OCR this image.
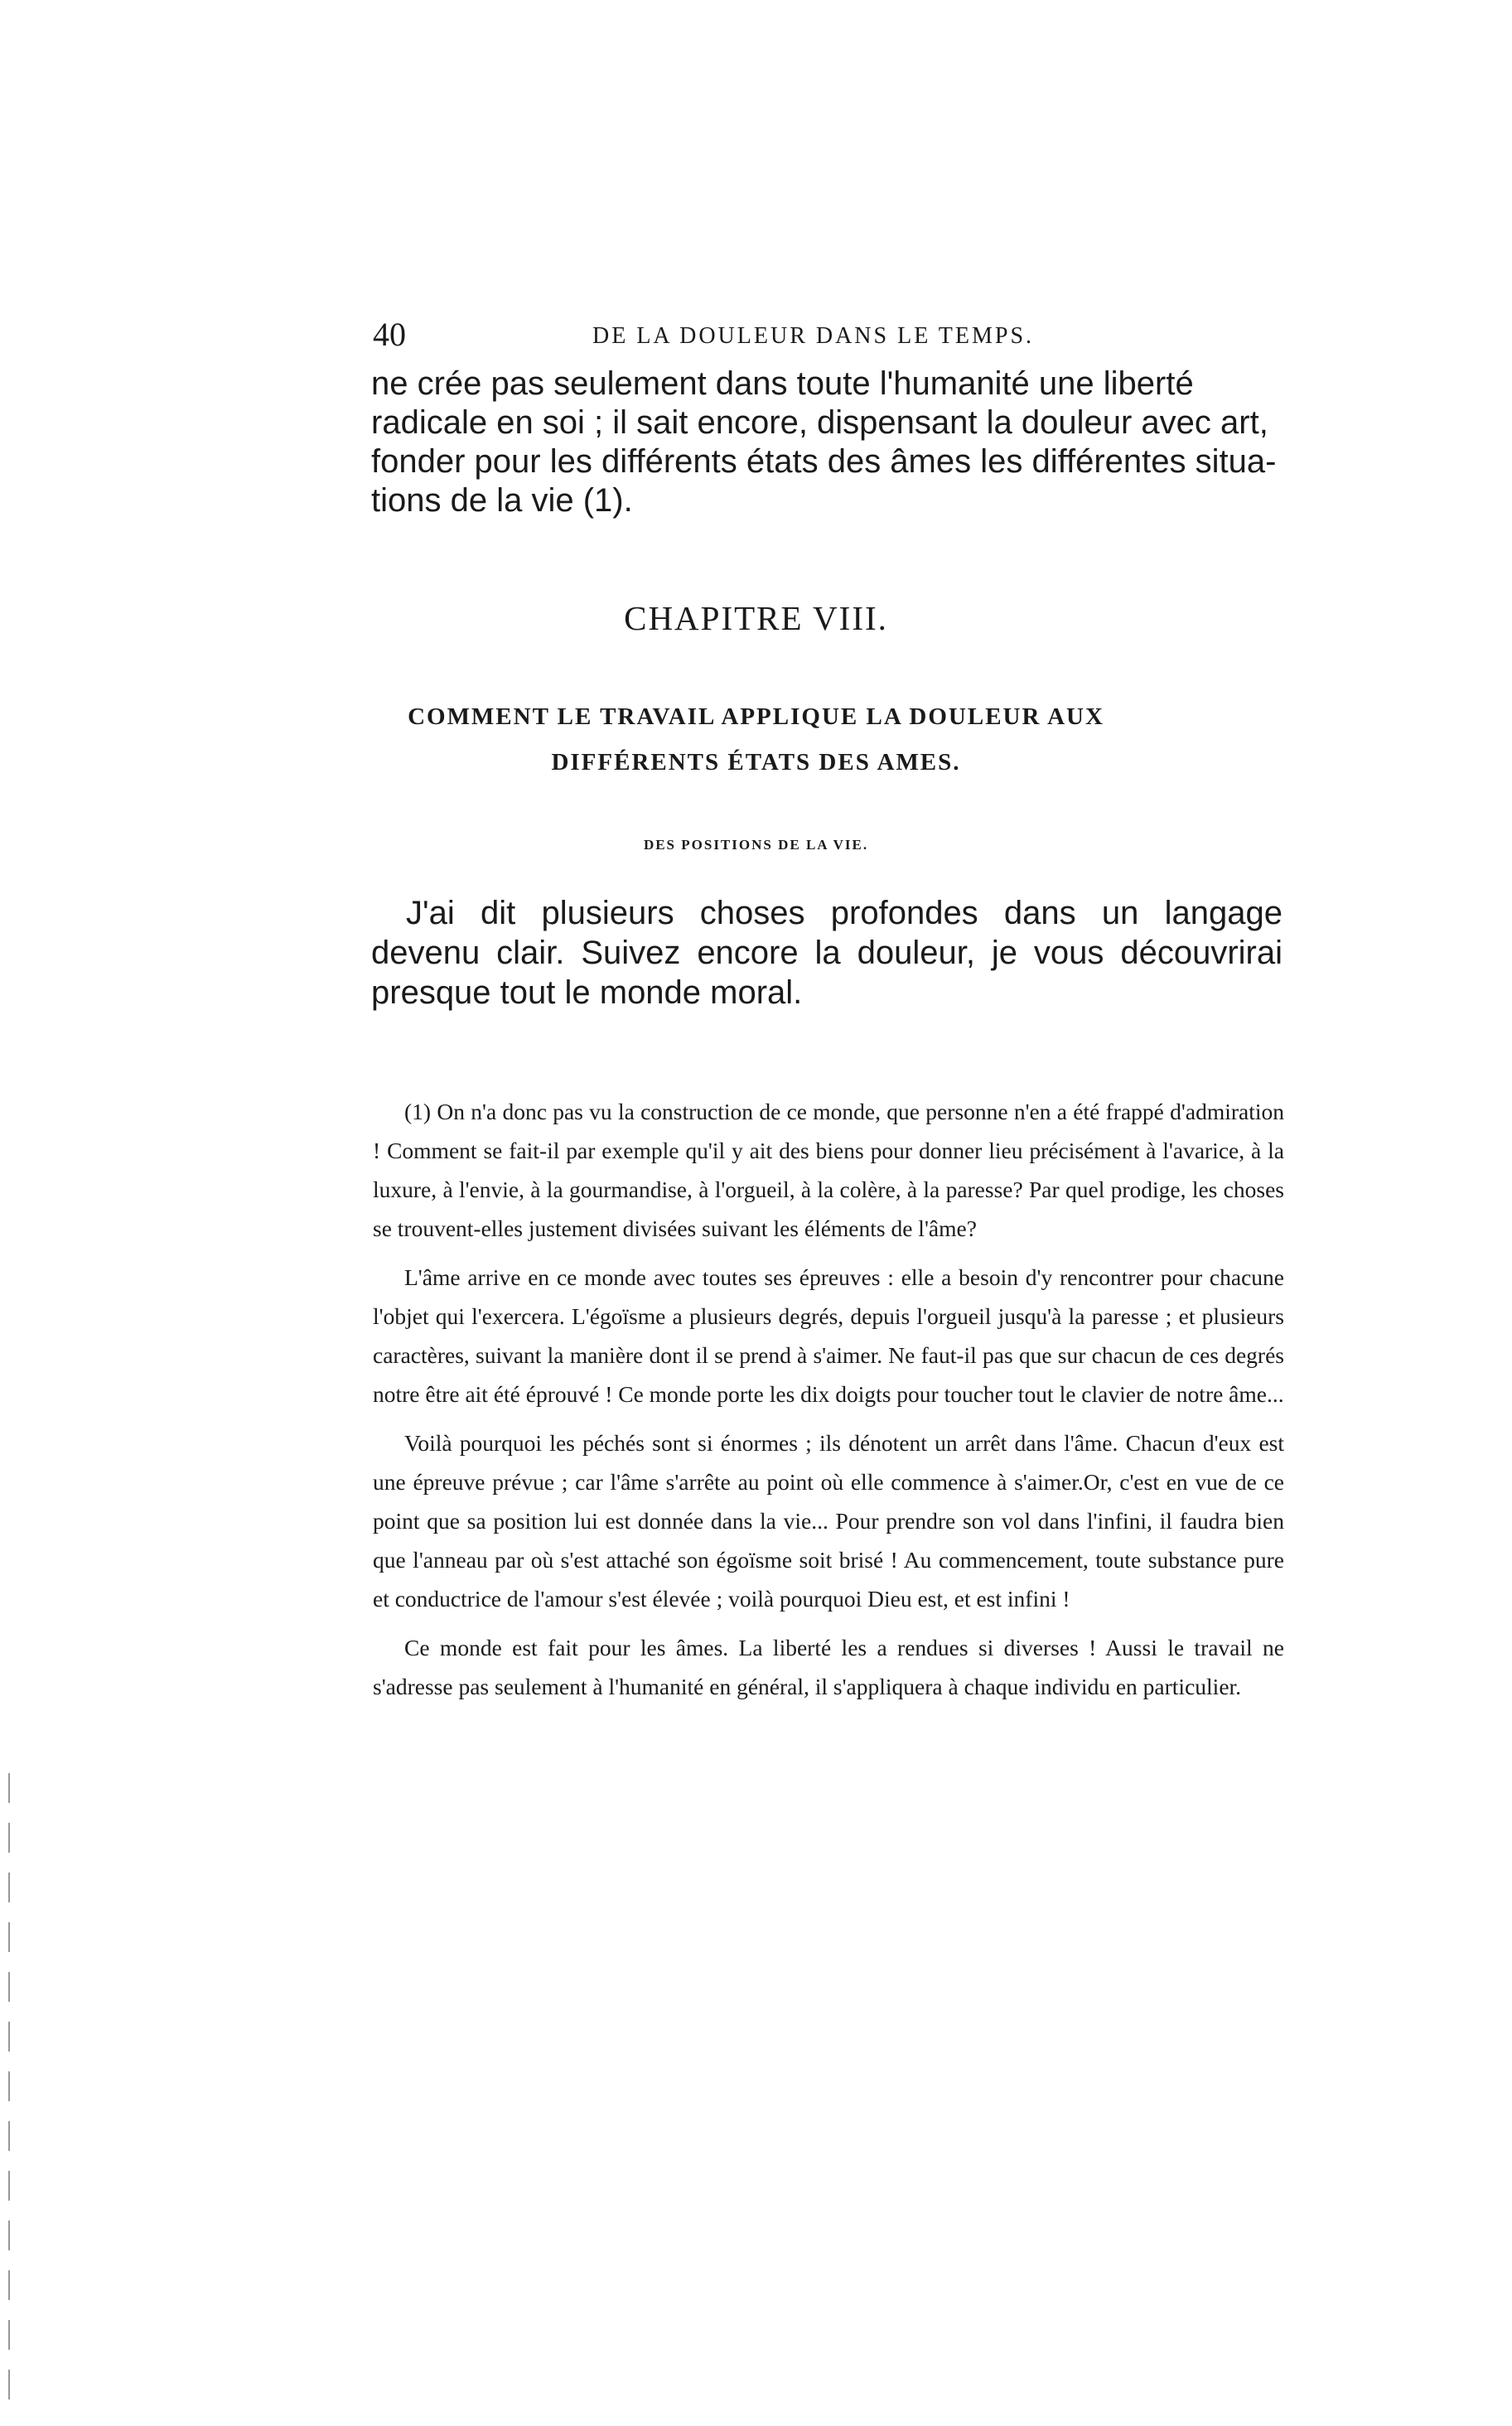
40	DE LA DOULEUR DANS LE TEMPS.

ne crée pas seulement dans toute l'humanité une liberté

radicale en soi ; il sait encore, dispensant la douleur avec art,

fonder pour les différents états des âmes les différentes situa-

tions de la vie (1).

CHAPITRE VIII.
COMMENT LE TRAVAIL APPLIQUE LA DOULEUR AUX
DIFFÉRENTS ÉTATS DES AMES.
DES POSITIONS DE LA VIE.

J'ai dit plusieurs choses profondes dans un langage devenu clair. Suivez encore la douleur, je vous découvrirai presque tout le monde moral.

(1) On n'a donc pas vu la construction de ce monde, que personne n'en a été frappé d'admiration ! Comment se fait-il par exemple qu'il y ait des biens pour donner lieu précisément à l'avarice, à la luxure, à l'envie, à la gourmandise, à l'orgueil, à la colère, à la paresse? Par quel prodige, les choses se trouvent-elles justement divisées suivant les éléments de l'âme?

L'âme arrive en ce monde avec toutes ses épreuves : elle a besoin d'y rencontrer pour chacune l'objet qui l'exercera. L'égoïsme a plusieurs degrés, depuis l'orgueil jusqu'à la paresse ; et plusieurs caractères, suivant la manière dont il se prend à s'aimer. Ne faut-il pas que sur chacun de ces degrés notre être ait été éprouvé ! Ce monde porte les dix doigts pour toucher tout le clavier de notre âme...

Voilà pourquoi les péchés sont si énormes ; ils dénotent un arrêt dans l'âme. Chacun d'eux est une épreuve prévue ; car l'âme s'arrête au point où elle commence à s'aimer.Or, c'est en vue de ce point que sa position lui est donnée dans la vie... Pour prendre son vol dans l'infini, il faudra bien que l'anneau par où s'est attaché son égoïsme soit brisé ! Au commencement, toute substance pure et conductrice de l'amour s'est élevée ; voilà pourquoi Dieu est, et est infini !

Ce monde est fait pour les âmes. La liberté les a rendues si diverses ! Aussi le travail ne s'adresse pas seulement à l'humanité en général, il s'appliquera à chaque individu en particulier.
